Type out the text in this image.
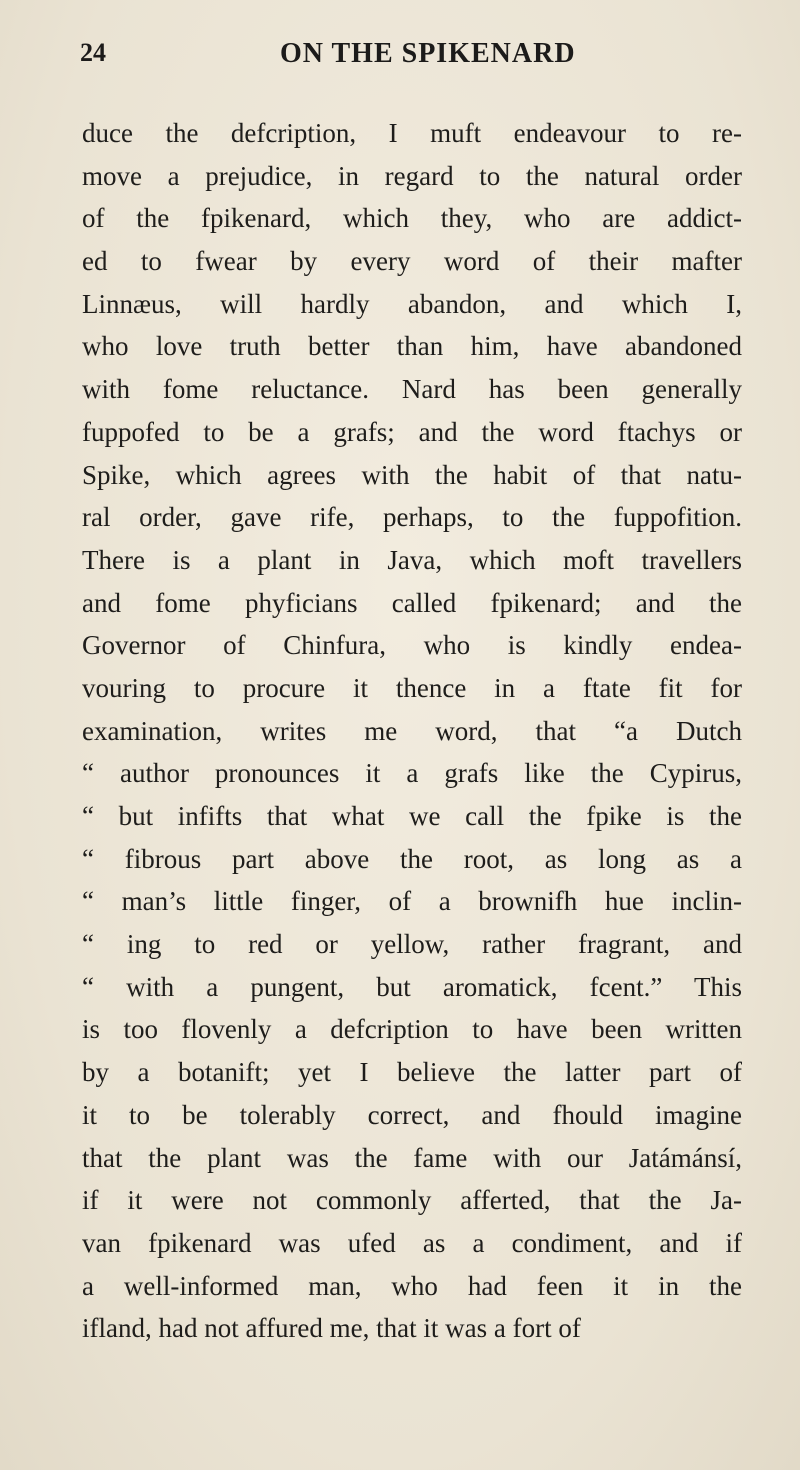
24	ON THE SPIKENARD
duce the defcription, I muft endeavour to re-
move a prejudice, in regard to the natural order
of the fpikenard, which they, who are addict-
ed to fwear by every word of their mafter
Linnæus, will hardly abandon, and which I,
who love truth better than him, have abandoned
with fome reluctance. Nard has been generally
fuppofed to be a grafs; and the word ftachys or
Spike, which agrees with the habit of that natu-
ral order, gave rife, perhaps, to the fuppofition.
There is a plant in Java, which moft travellers
and fome phyficians called fpikenard; and the
Governor of Chinfura, who is kindly endea-
vouring to procure it thence in a ftate fit for
examination, writes me word, that “a Dutch
“ author pronounces it a grafs like the Cypirus,
“ but infifts that what we call the fpike is the
“ fibrous part above the root, as long as a
“ man’s little finger, of a brownifh hue inclin-
“ ing to red or yellow, rather fragrant, and
“ with a pungent, but aromatick, fcent.” This
is too flovenly a defcription to have been written
by a botanift; yet I believe the latter part of
it to be tolerably correct, and fhould imagine
that the plant was the fame with our Jatámánsí,
if it were not commonly afferted, that the Ja-
van fpikenard was ufed as a condiment, and if
a well-informed man, who had feen it in the
ifland, had not affured me, that it was a fort of
